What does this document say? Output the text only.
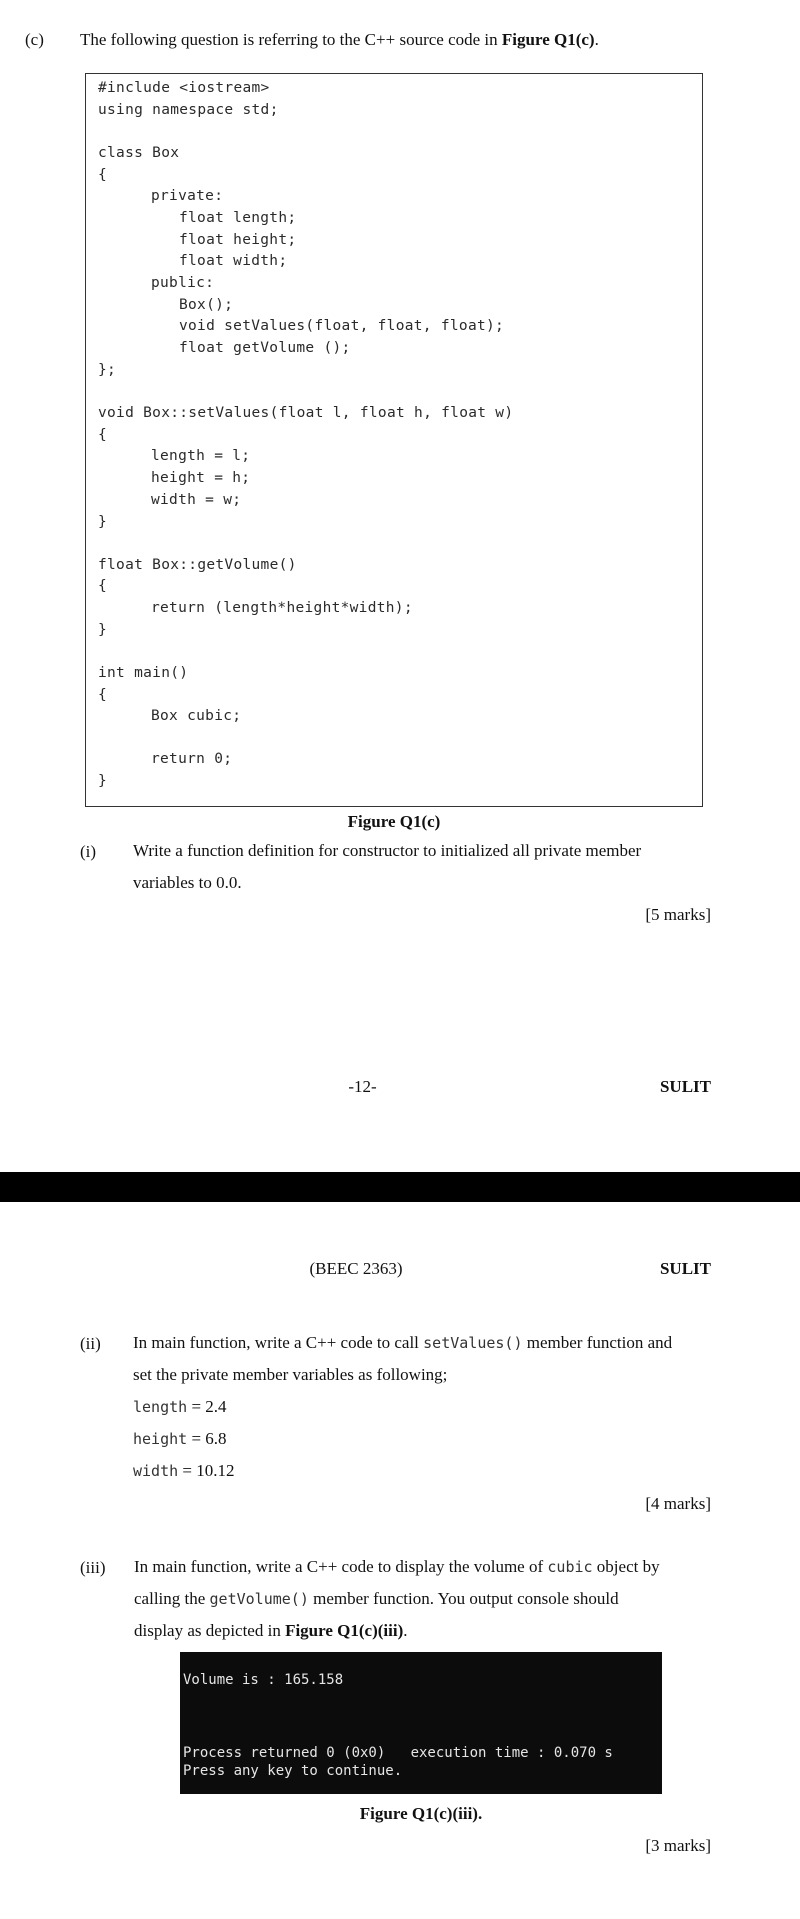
(c) The following question is referring to the C++ source code in Figure Q1(c).
#include <iostream>
using namespace std;
class Box
{
private:
float length;
float height;
float width;
public:
Box();
void setValues(float, float, float);
float getVolume ();
};
void Box::setValues(float l, float h, float w)
{
length = l;
height = h;
width = w;
}
float Box::getVolume()
{
return (length*height*width);
}
int main()
{
Box cubic;
return 0;
}
Figure Q1(c)
(i) Write a function definition for constructor to initialized all private member
variables to 0.0.
[5 marks]
-12-	SULIT
(BEEC 2363)	SULIT
(ii) In main function, write a C++ code to call setValues() member function and
set the private member variables as following;
length = 2.4
height = 6.8
width = 10.12
[4 marks]
(iii) In main function, write a C++ code to display the volume of cubic object by
calling the getVolume() member function. You output console should
display as depicted in Figure Q1(c)(iii).
Volume is : 165.158
Process returned 0 (0x0)   execution time : 0.070 s
Press any key to continue.
Figure Q1(c)(iii).
[3 marks]
